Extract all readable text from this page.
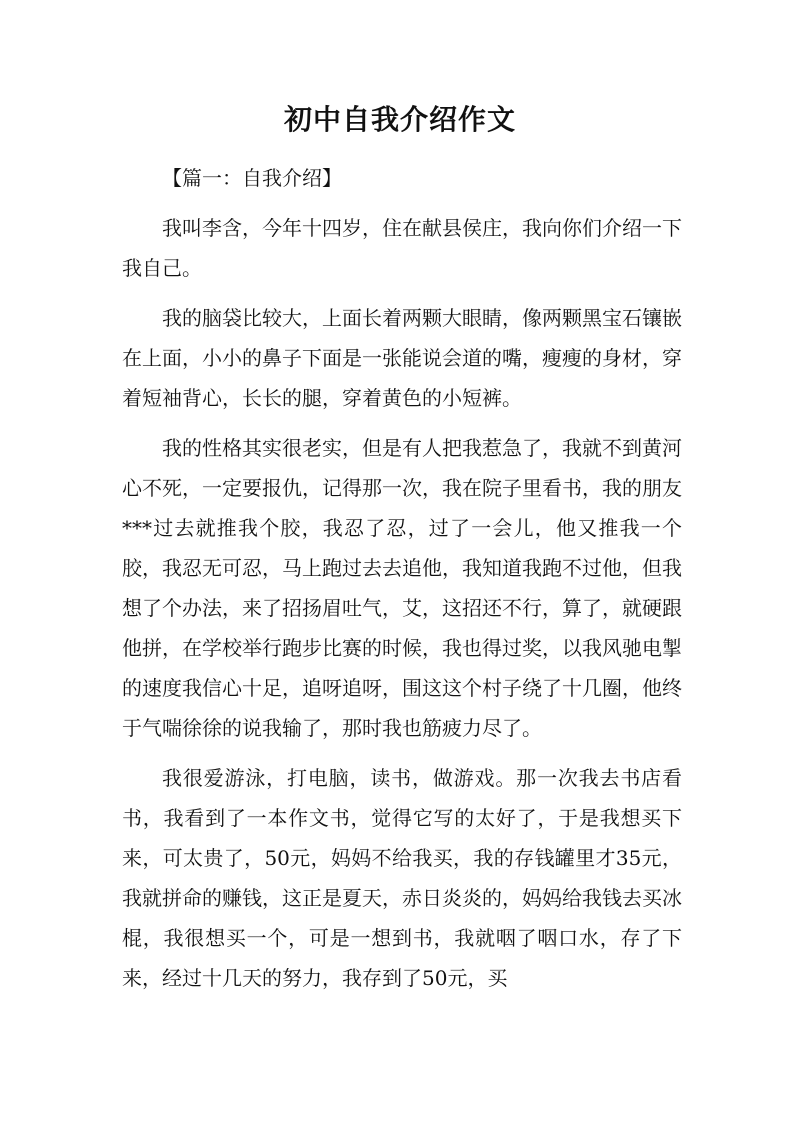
初中自我介绍作文

【篇一：自我介绍】

我叫李含，今年十四岁，住在献县侯庄，我向你们介绍一下我自己。

我的脑袋比较大，上面长着两颗大眼睛，像两颗黑宝石镶嵌在上面，小小的鼻子下面是一张能说会道的嘴，瘦瘦的身材，穿着短袖背心，长长的腿，穿着黄色的小短裤。

我的性格其实很老实，但是有人把我惹急了，我就不到黄河心不死，一定要报仇，记得那一次，我在院子里看书，我的朋友***过去就推我个胶，我忍了忍，过了一会儿，他又推我一个胶，我忍无可忍，马上跑过去去追他，我知道我跑不过他，但我想了个办法，来了招扬眉吐气，艾，这招还不行，算了，就硬跟他拼，在学校举行跑步比赛的时候，我也得过奖，以我风驰电掣的速度我信心十足，追呀追呀，围这这个村子绕了十几圈，他终于气喘徐徐的说我输了，那时我也筋疲力尽了。

我很爱游泳，打电脑，读书，做游戏。那一次我去书店看书，我看到了一本作文书，觉得它写的太好了，于是我想买下来，可太贵了，50元，妈妈不给我买，我的存钱罐里才35元，我就拼命的赚钱，这正是夏天，赤日炎炎的，妈妈给我钱去买冰棍，我很想买一个，可是一想到书，我就咽了咽口水，存了下来，经过十几天的努力，我存到了50元，买
